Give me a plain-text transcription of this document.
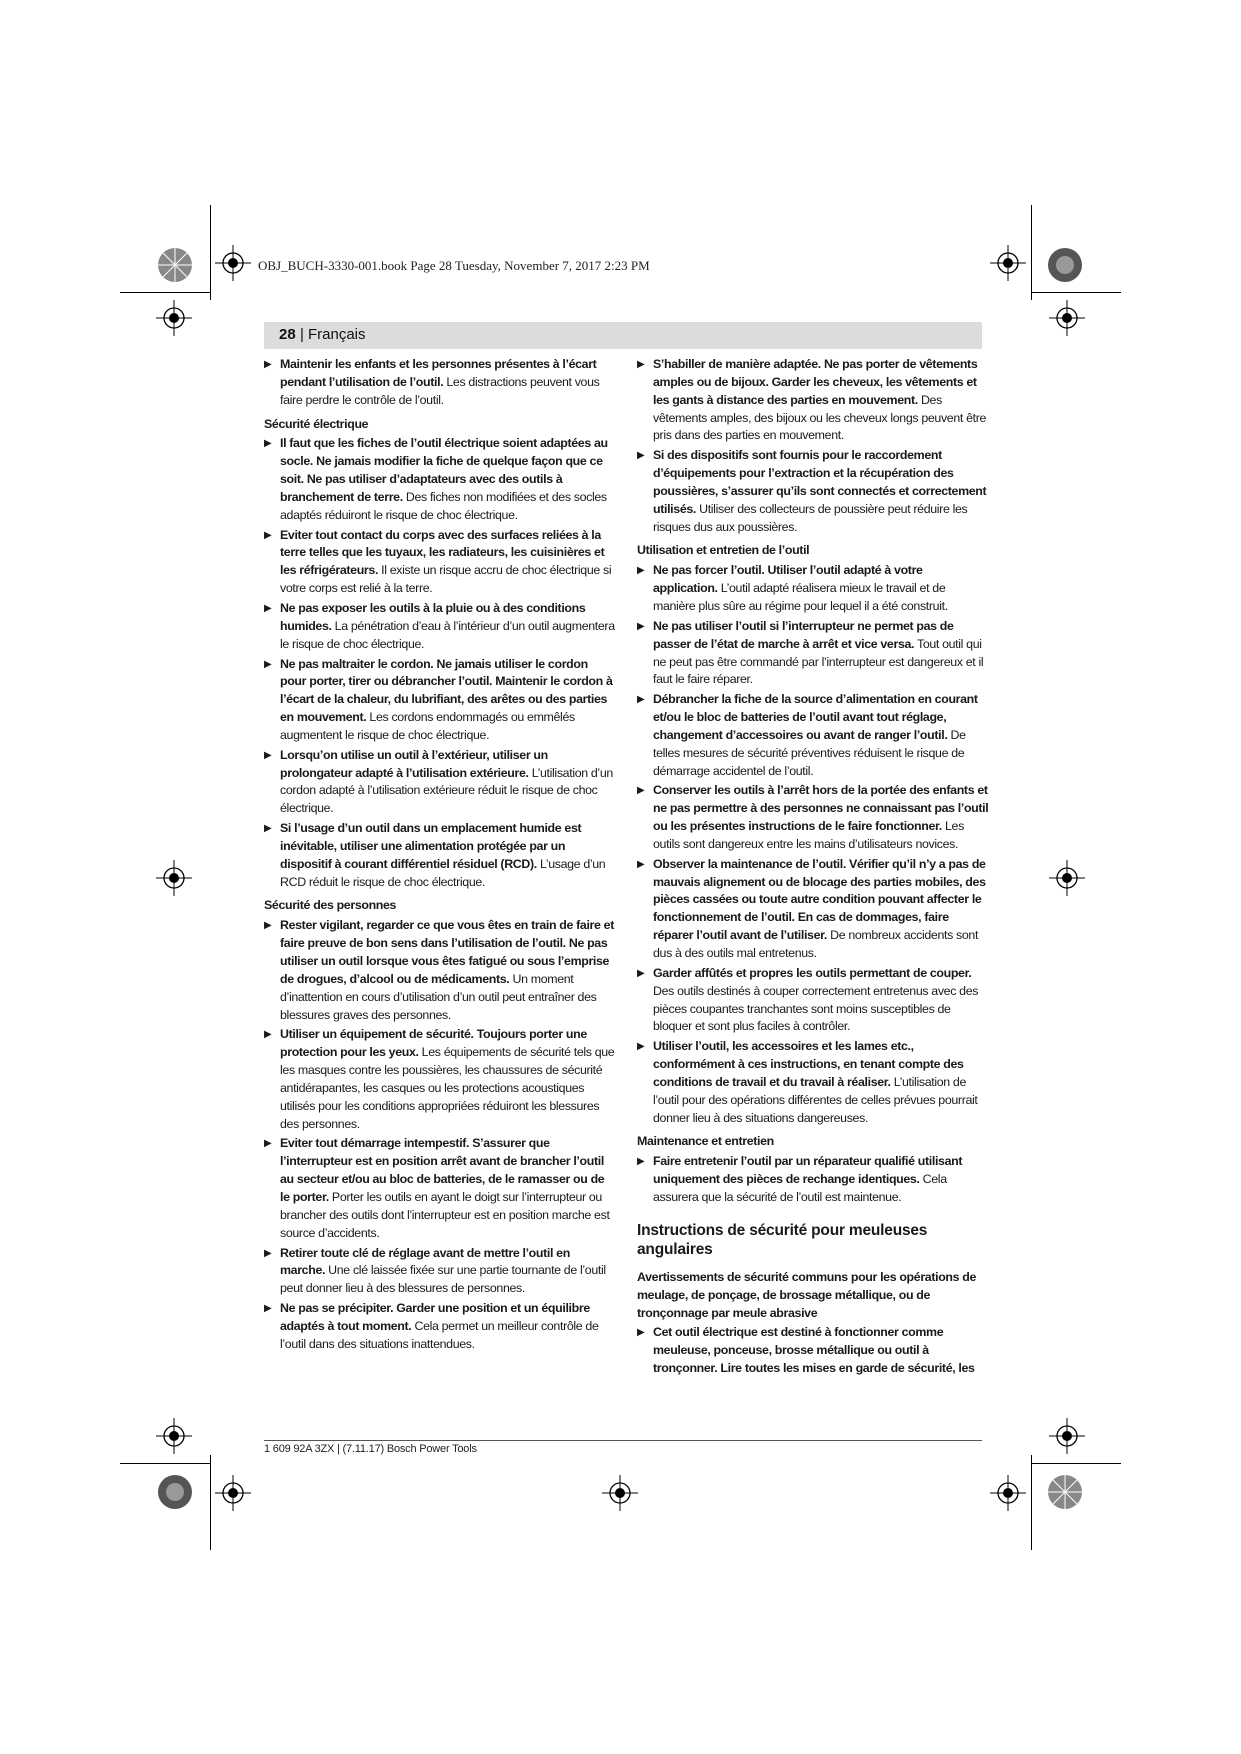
OBJ_BUCH-3330-001.book Page 28 Tuesday, November 7, 2017 2:23 PM
28 | Français
▶ Maintenir les enfants et les personnes présentes à l’écart pendant l’utilisation de l’outil. Les distractions peuvent vous faire perdre le contrôle de l’outil.
Sécurité électrique
▶ Il faut que les fiches de l’outil électrique soient adaptées au socle. Ne jamais modifier la fiche de quelque façon que ce soit. Ne pas utiliser d’adaptateurs avec des outils à branchement de terre. Des fiches non modifiées et des socles adaptés réduiront le risque de choc électrique.
▶ Eviter tout contact du corps avec des surfaces reliées à la terre telles que les tuyaux, les radiateurs, les cuisinières et les réfrigérateurs. Il existe un risque accru de choc électrique si votre corps est relié à la terre.
▶ Ne pas exposer les outils à la pluie ou à des conditions humides. La pénétration d’eau à l’intérieur d’un outil augmentera le risque de choc électrique.
▶ Ne pas maltraiter le cordon. Ne jamais utiliser le cordon pour porter, tirer ou débrancher l’outil. Maintenir le cordon à l’écart de la chaleur, du lubrifiant, des arêtes ou des parties en mouvement. Les cordons endommagés ou emmêlés augmentent le risque de choc électrique.
▶ Lorsqu’on utilise un outil à l’extérieur, utiliser un prolongateur adapté à l’utilisation extérieure. L’utilisation d’un cordon adapté à l’utilisation extérieure réduit le risque de choc électrique.
▶ Si l’usage d’un outil dans un emplacement humide est inévitable, utiliser une alimentation protégée par un dispositif à courant différentiel résiduel (RCD). L’usage d’un RCD réduit le risque de choc électrique.
Sécurité des personnes
▶ Rester vigilant, regarder ce que vous êtes en train de faire et faire preuve de bon sens dans l’utilisation de l’outil. Ne pas utiliser un outil lorsque vous êtes fatigué ou sous l’emprise de drogues, d’alcool ou de médicaments. Un moment d’inattention en cours d’utilisation d’un outil peut entraîner des blessures graves des personnes.
▶ Utiliser un équipement de sécurité. Toujours porter une protection pour les yeux. Les équipements de sécurité tels que les masques contre les poussières, les chaussures de sécurité antidérapantes, les casques ou les protections acoustiques utilisés pour les conditions appropriées réduiront les blessures des personnes.
▶ Eviter tout démarrage intempestif. S’assurer que l’interrupteur est en position arrêt avant de brancher l’outil au secteur et/ou au bloc de batteries, de le ramasser ou de le porter. Porter les outils en ayant le doigt sur l’interrupteur ou brancher des outils dont l’interrupteur est en position marche est source d’accidents.
▶ Retirer toute clé de réglage avant de mettre l’outil en marche. Une clé laissée fixée sur une partie tournante de l’outil peut donner lieu à des blessures de personnes.
▶ Ne pas se précipiter. Garder une position et un équilibre adaptés à tout moment. Cela permet un meilleur contrôle de l’outil dans des situations inattendues.
▶ S’habiller de manière adaptée. Ne pas porter de vêtements amples ou de bijoux. Garder les cheveux, les vêtements et les gants à distance des parties en mouvement. Des vêtements amples, des bijoux ou les cheveux longs peuvent être pris dans des parties en mouvement.
▶ Si des dispositifs sont fournis pour le raccordement d’équipements pour l’extraction et la récupération des poussières, s’assurer qu’ils sont connectés et correctement utilisés. Utiliser des collecteurs de poussière peut réduire les risques dus aux poussières.
Utilisation et entretien de l’outil
▶ Ne pas forcer l’outil. Utiliser l’outil adapté à votre application. L’outil adapté réalisera mieux le travail et de manière plus sûre au régime pour lequel il a été construit.
▶ Ne pas utiliser l’outil si l’interrupteur ne permet pas de passer de l’état de marche à arrêt et vice versa. Tout outil qui ne peut pas être commandé par l’interrupteur est dangereux et il faut le faire réparer.
▶ Débrancher la fiche de la source d’alimentation en courant et/ou le bloc de batteries de l’outil avant tout réglage, changement d’accessoires ou avant de ranger l’outil. De telles mesures de sécurité préventives réduisent le risque de démarrage accidentel de l’outil.
▶ Conserver les outils à l’arrêt hors de la portée des enfants et ne pas permettre à des personnes ne connaissant pas l’outil ou les présentes instructions de le faire fonctionner. Les outils sont dangereux entre les mains d’utilisateurs novices.
▶ Observer la maintenance de l’outil. Vérifier qu’il n’y a pas de mauvais alignement ou de blocage des parties mobiles, des pièces cassées ou toute autre condition pouvant affecter le fonctionnement de l’outil. En cas de dommages, faire réparer l’outil avant de l’utiliser. De nombreux accidents sont dus à des outils mal entretenus.
▶ Garder affûtés et propres les outils permettant de couper. Des outils destinés à couper correctement entretenus avec des pièces coupantes tranchantes sont moins susceptibles de bloquer et sont plus faciles à contrôler.
▶ Utiliser l’outil, les accessoires et les lames etc., conformément à ces instructions, en tenant compte des conditions de travail et du travail à réaliser. L’utilisation de l’outil pour des opérations différentes de celles prévues pourrait donner lieu à des situations dangereuses.
Maintenance et entretien
▶ Faire entretenir l’outil par un réparateur qualifié utilisant uniquement des pièces de rechange identiques. Cela assurera que la sécurité de l’outil est maintenue.
Instructions de sécurité pour meuleuses angulaires
Avertissements de sécurité communs pour les opérations de meulage, de ponçage, de brossage métallique, ou de tronçonnage par meule abrasive
▶ Cet outil électrique est destiné à fonctionner comme meuleuse, ponceuse, brosse métallique ou outil à tronçonner. Lire toutes les mises en garde de sécurité, les
1 609 92A 3ZX | (7.11.17) Bosch Power Tools
